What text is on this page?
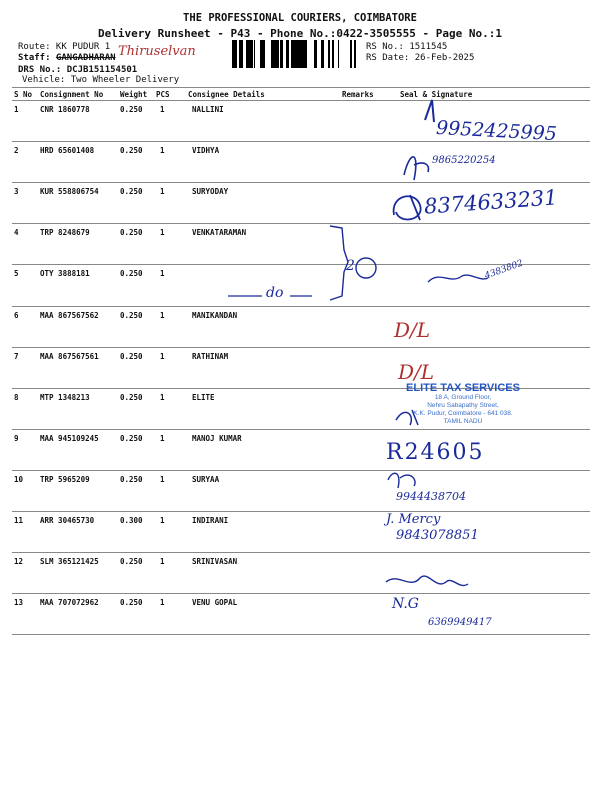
THE PROFESSIONAL COURIERS, COIMBATORE
Delivery Runsheet - P43 - Phone No.:0422-3505555 - Page No.:1
Route: KK PUDUR 1
Staff: GANGADHARAN Thiruselvan
DRS No.: DCJB151154501
Vehicle: Two Wheeler Delivery
RS No.: 1511545
RS Date: 26-Feb-2025
S No Consignment No Weight PCS Consignee Details	Remarks	Seal & Signature
1	CNR 1860778	0.250 1	NALLINI
2	HRD 65601408	0.250 1	VIDHYA
3	KUR 558806754	0.250 1	SURYODAY
4	TRP 8248679	0.250 1	VENKATARAMAN
5	OTY 3888181	0.250 1
6	MAA 867567562	0.250 1	MANIKANDAN
7	MAA 867567561	0.250 1	RATHINAM
8	MTP 1348213	0.250 1	ELITE
9	MAA 945109245	0.250 1	MANOJ KUMAR
10 TRP 5965209	0.250 1	SURYAA
11 ARR 30465730	0.300 1	INDIRANI
12 SLM 365121425	0.250 1	SRINIVASAN
13 MAA 707072962	0.250 1	VENU GOPAL
2
do
9952425995
9865220254
8374633231
4383802
D/L
D/L
ELITE TAX SERVICES
18 A, Ground Floor,
Nehru Sabapathy Street,
K.K. Pudur, Coimbatore - 641 038.
TAMIL NADU
R24605
9944438704
J. Mercy
9843078851
N.G
6369949417
